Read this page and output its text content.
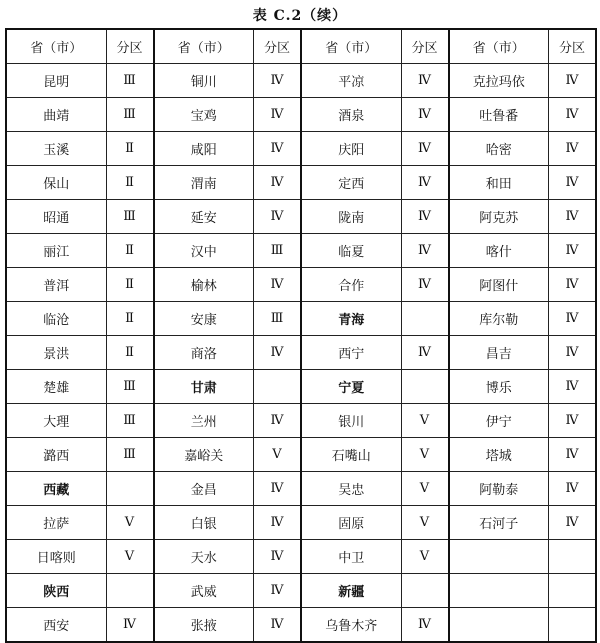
表 C.2（续）
省（市）	分区	省（市）	分区	省（市）	分区	省（市）	分区
昆明	Ⅲ	铜川	Ⅳ	平凉	Ⅳ	克拉玛依	Ⅳ
曲靖	Ⅲ	宝鸡	Ⅳ	酒泉	Ⅳ	吐鲁番	Ⅳ
玉溪	Ⅱ	咸阳	Ⅳ	庆阳	Ⅳ	哈密	Ⅳ
保山	Ⅱ	渭南	Ⅳ	定西	Ⅳ	和田	Ⅳ
昭通	Ⅲ	延安	Ⅳ	陇南	Ⅳ	阿克苏	Ⅳ
丽江	Ⅱ	汉中	Ⅲ	临夏	Ⅳ	喀什	Ⅳ
普洱	Ⅱ	榆林	Ⅳ	合作	Ⅳ	阿图什	Ⅳ
临沧	Ⅱ	安康	Ⅲ	青海		库尔勒	Ⅳ
景洪	Ⅱ	商洛	Ⅳ	西宁	Ⅳ	昌吉	Ⅳ
楚雄	Ⅲ	甘肃		宁夏		博乐	Ⅳ
大理	Ⅲ	兰州	Ⅳ	银川	Ⅴ	伊宁	Ⅳ
潞西	Ⅲ	嘉峪关	Ⅴ	石嘴山	Ⅴ	塔城	Ⅳ
西藏		金昌	Ⅳ	吴忠	Ⅴ	阿勒泰	Ⅳ
拉萨	Ⅴ	白银	Ⅳ	固原	Ⅴ	石河子	Ⅳ
日喀则	Ⅴ	天水	Ⅳ	中卫	Ⅴ		
陕西		武威	Ⅳ	新疆			
西安	Ⅳ	张掖	Ⅳ	乌鲁木齐	Ⅳ		
